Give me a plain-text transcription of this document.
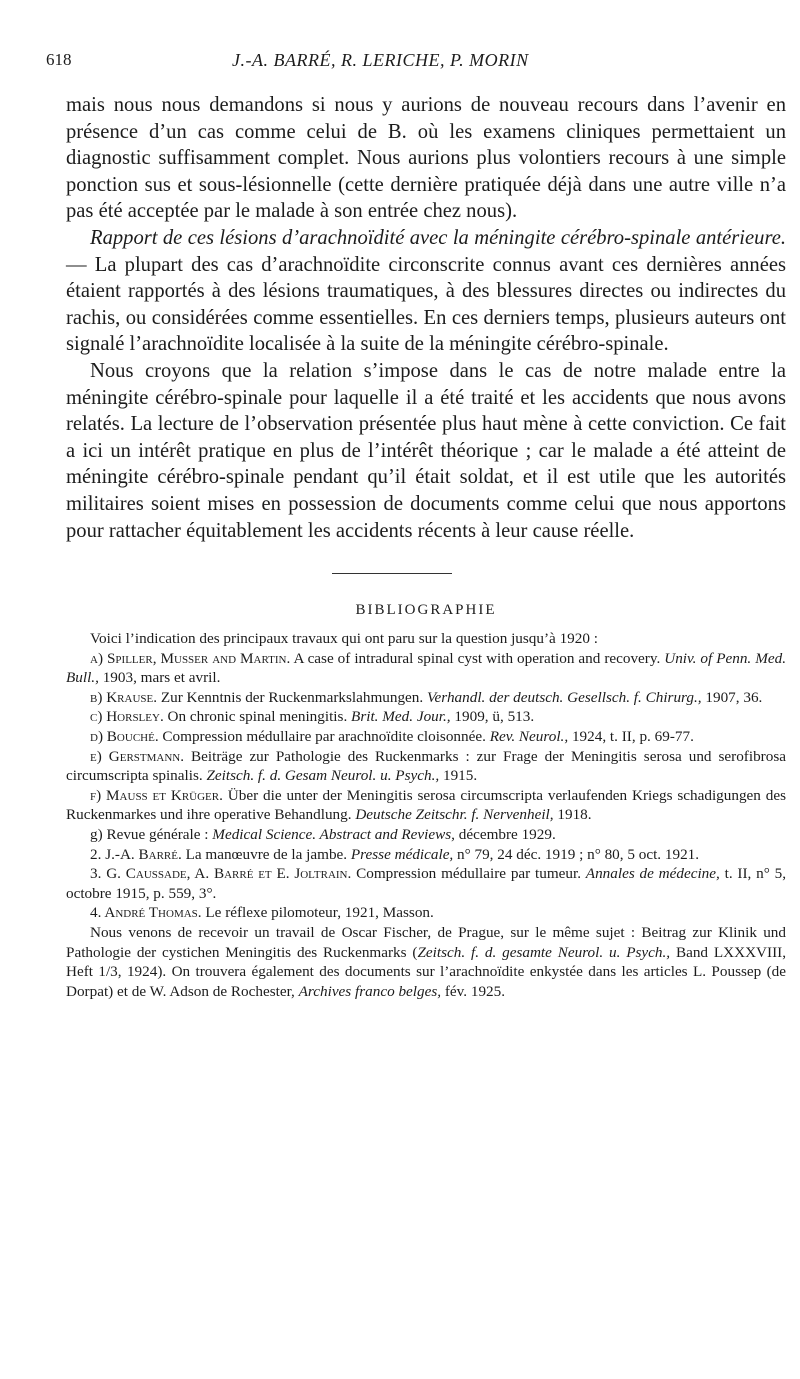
618	J.-A. BARRÉ, R. LERICHE, P. MORIN

mais nous nous demandons si nous y aurions de nouveau recours dans l’avenir en présence d’un cas comme celui de B. où les examens cliniques permettaient un diagnostic suffisamment complet. Nous aurions plus volontiers recours à une simple ponction sus et sous-lésionnelle (cette dernière pratiquée déjà dans une autre ville n’a pas été acceptée par le malade à son entrée chez nous).

Rapport de ces lésions d’arachnoïdité avec la méningite cérébro-spinale antérieure. — La plupart des cas d’arachnoïdite circonscrite connus avant ces dernières années étaient rapportés à des lésions traumatiques, à des blessures directes ou indirectes du rachis, ou considérées comme essentielles. En ces derniers temps, plusieurs auteurs ont signalé l’arachnoïdite localisée à la suite de la méningite cérébro-spinale.

Nous croyons que la relation s’impose dans le cas de notre malade entre la méningite cérébro-spinale pour laquelle il a été traité et les accidents que nous avons relatés. La lecture de l’observation présentée plus haut mène à cette conviction. Ce fait a ici un intérêt pratique en plus de l’intérêt théorique ; car le malade a été atteint de méningite cérébro-spinale pendant qu’il était soldat, et il est utile que les autorités militaires soient mises en possession de documents comme celui que nous apportons pour rattacher équitablement les accidents récents à leur cause réelle.

BIBLIOGRAPHIE

Voici l’indication des principaux travaux qui ont paru sur la question jusqu’à 1920 :

a) Spiller, Musser and Martin. A case of intradural spinal cyst with operation and recovery. Univ. of Penn. Med. Bull., 1903, mars et avril.

b) Krause. Zur Kenntnis der Ruckenmarkslahmungen. Verhandl. der deutsch. Gesellsch. f. Chirurg., 1907, 36.

c) Horsley. On chronic spinal meningitis. Brit. Med. Jour., 1909, ü, 513.

d) Bouché. Compression médullaire par arachnoïdite cloisonnée. Rev. Neurol., 1924, t. II, p. 69-77.

e) Gerstmann. Beiträge zur Pathologie des Ruckenmarks : zur Frage der Meningitis serosa und serofibrosa circumscripta spinalis. Zeitsch. f. d. Gesam Neurol. u. Psych., 1915.

f) Mauss et Krüger. Über die unter der Meningitis serosa circumscripta verlaufenden Kriegs schadigungen des Ruckenmarkes und ihre operative Behandlung. Deutsche Zeitschr. f. Nervenheil, 1918.

g) Revue générale : Medical Science. Abstract and Reviews, décembre 1929.

2. J.-A. Barré. La manœuvre de la jambe. Presse médicale, n° 79, 24 déc. 1919 ; n° 80, 5 oct. 1921.

3. G. Caussade, A. Barré et E. Joltrain. Compression médullaire par tumeur. Annales de médecine, t. II, n° 5, octobre 1915, p. 559, 3°.

4. André Thomas. Le réflexe pilomoteur, 1921, Masson.

Nous venons de recevoir un travail de Oscar Fischer, de Prague, sur le même sujet : Beitrag zur Klinik und Pathologie der cystichen Meningitis des Ruckenmarks (Zeitsch. f. d. gesamte Neurol. u. Psych., Band LXXXVIII, Heft 1/3, 1924). On trouvera également des documents sur l’arachnoïdite enkystée dans les articles L. Poussep (de Dorpat) et de W. Adson de Rochester, Archives franco belges, fév. 1925.
